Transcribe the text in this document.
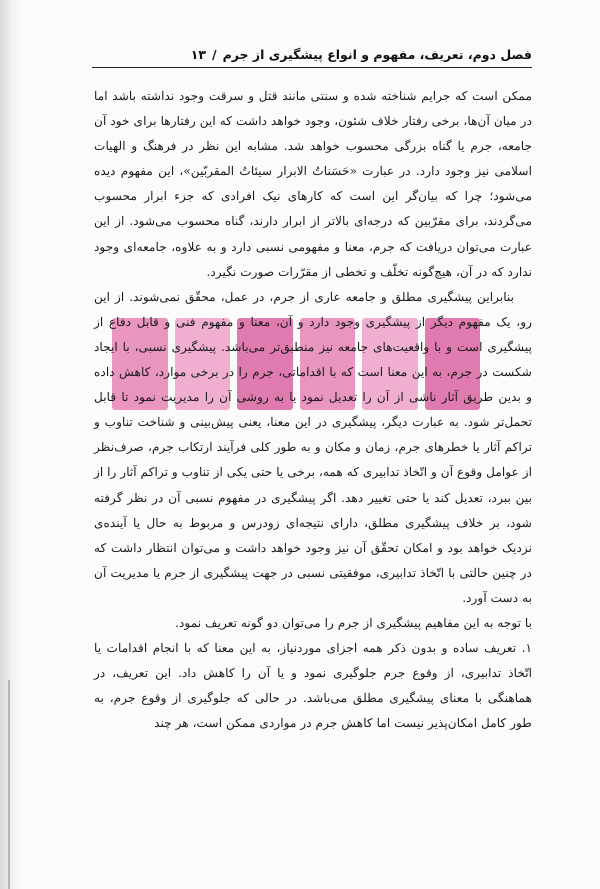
فصل دوم، تعریف، مفهوم و انواع پیشگیری از جرم
/
۱۳

ممکن است که جرایم شناخته شده و سنتی مانند قتل و سرقت وجود نداشته باشد اما در میان آن‌ها، برخی رفتار خلاف شئون، وجود خواهد داشت که این رفتارها برای خود آن جامعه، جرم یا گناه بزرگی محسوب خواهد شد. مشابه این نظر در فرهنگ و الهیات اسلامی نیز وجود دارد. در عبارت «حَسَناتُ الابرار سیئاتُ المقربّین»، این مفهوم دیده می‌شود؛ چرا که بیان‌گر این است که کارهای نیک افرادی که جزء ابرار محسوب می‌گردند، برای مقرّبین که درجه‌ای بالاتر از ابرار دارند، گناه محسوب می‌شود. از این عبارت می‌توان دریافت که جرم، معنا و مفهومی نسبی دارد و به علاوه، جامعه‌ای وجود ندارد که در آن، هیچ‌گونه تخلّف و تخطی از مقرّرات صورت نگیرد.

بنابراین پیشگیری مطلق و جامعه عاری از جرم، در عمل، محقّق نمی‌شوند. از این رو، یک مفهوم دیگر از پیشگیری وجود دارد و آن، معنا و مفهوم فنی و قابل دفاع از پیشگیری است و با واقعیت‌های جامعه نیز منطبق‌تر می‌باشد. پیشگیری نسبی، با ایجاد شکست در جرم، به این معنا است که با اقداماتی، جرم را در برخی موارد، کاهش داده و بدین طریق آثار ناشی از آن را تعدیل نمود یا به روشی آن را مدیریت نمود تا قابل تحمل‌تر شود. به عبارت دیگر، پیشگیری در این معنا، یعنی پیش‌بینی و شناخت تناوب و تراکم آثار یا خطرهای جرم، زمان و مکان و به طور کلی فرآیند ارتکاب جرم، صرف‌نظر از عوامل وقوع آن و اتّخاذ تدابیری که همه، برخی یا حتی یکی از تناوب و تراکم آثار را از بین ببرد، تعدیل کند یا حتی تغییر دهد. اگر پیشگیری در مفهوم نسبی آن در نظر گرفته شود، بر خلاف پیشگیری مطلق، دارای نتیجه‌ای زودرس و مربوط به حال یا آینده‌ی نزدیک خواهد بود و امکان تحقّق آن نیز وجود خواهد داشت و می‌توان انتظار داشت که در چنین حالتی با اتّخاذ تدابیری، موفقیتی نسبی در جهت پیشگیری از جرم یا مدیریت آن به دست آورد.

با توجه به این مفاهیم پیشگیری از جرم را می‌توان دو گونه تعریف نمود.

۱. تعریف ساده و بدون ذکر همه اجزای موردنیاز، به این معنا که با انجام اقدامات یا اتّخاذ تدابیری، از وقوع جرم جلوگیری نمود و یا آن را کاهش داد. این تعریف، در هماهنگی با معنای پیشگیری مطلق می‌باشد. در حالی که جلوگیری از وقوع جرم، به طور کامل امکان‌پذیر نیست اما کاهش جرم در مواردی ممکن است، هر چند
